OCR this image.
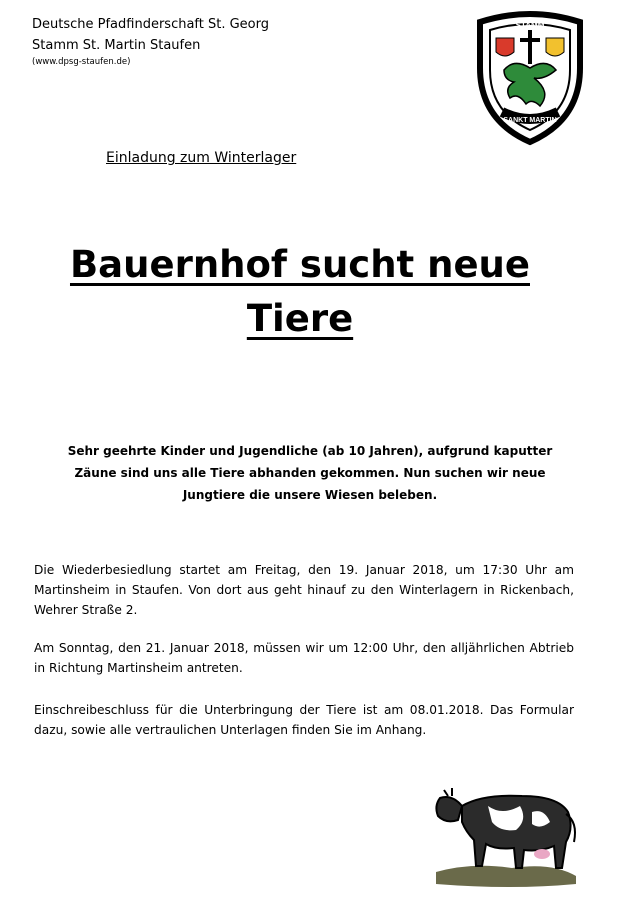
Deutsche Pfadfinderschaft St. Georg
Stamm St. Martin Staufen
(www.dpsg-staufen.de)
STAMM
SANKT MARTIN
Einladung zum Winterlager
Bauernhof sucht neue
Tiere
Sehr geehrte Kinder und Jugendliche (ab 10 Jahren), aufgrund kaputter
Zäune sind uns alle Tiere abhanden gekommen. Nun suchen wir neue
Jungtiere die unsere Wiesen beleben.
Die Wiederbesiedlung startet am Freitag, den 19. Januar 2018, um 17:30 Uhr am Martinsheim in Staufen. Von dort aus geht hinauf zu den Winterlagern in Rickenbach, Wehrer Straße 2.
Am Sonntag, den 21. Januar 2018, müssen wir um 12:00 Uhr, den alljährlichen Abtrieb in Richtung Martinsheim antreten.
Einschreibeschluss für die Unterbringung der Tiere ist am 08.01.2018. Das Formular dazu, sowie alle vertraulichen Unterlagen finden Sie im Anhang.
